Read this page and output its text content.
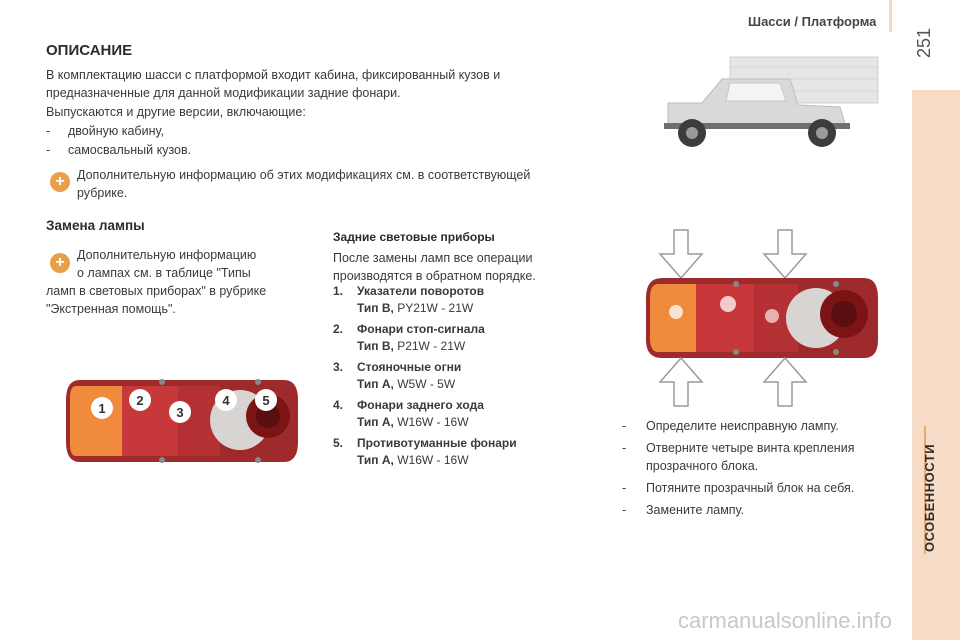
Шасси / Платформа
251
ОСОБЕННОСТИ
ОПИСАНИЕ
В комплектацию шасси с платформой входит кабина, фиксированный кузов и предназначенные для данной модификации задние фонари.
Выпускаются и другие версии, включающие:
- двойную кабину,
- самосвальный кузов.
+ Дополнительную информацию об этих модификациях см. в соответствующей рубрике.
Замена лампы
+ Дополнительную информацию
о лампах см. в таблице "Типы
ламп в световых приборах" в рубрике
"Экстренная помощь".
1
2
3
4	5
Задние световые приборы
После замены ламп все операции производятся в обратном порядке.
1. Указатели поворотов
Тип B, PY21W - 21W
2. Фонари стоп-сигнала
Тип B, P21W - 21W
3. Стояночные огни
Тип A, W5W - 5W
4. Фонари заднего хода
Тип A, W16W - 16W
5. Противотуманные фонари
Тип A, W16W - 16W
-	Определите неисправную лампу.
-	Отверните четыре винта крепления прозрачного блока.
-	Потяните прозрачный блок на себя.
-	Замените лампу.
carmanualsonline.info
